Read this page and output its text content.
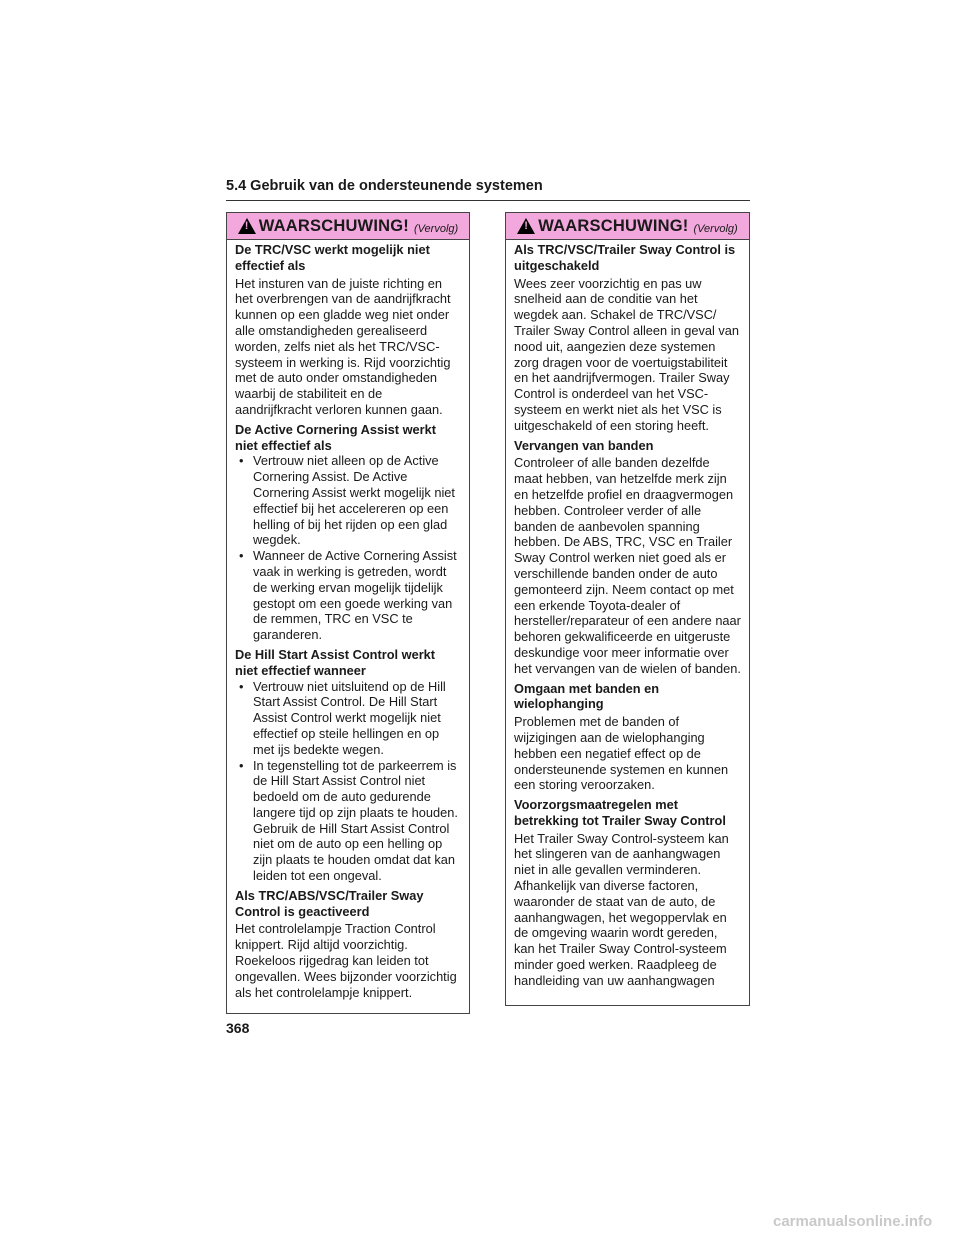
5.4 Gebruik van de ondersteunende systemen
!
WAARSCHUWING! (Vervolg)
De TRC/VSC werkt mogelijk niet effectief als

Het insturen van de juiste richting en het overbrengen van de aandrijfkracht kunnen op een gladde weg niet onder alle omstandigheden gerealiseerd worden, zelfs niet als het TRC/VSC-systeem in werking is. Rijd voorzichtig met de auto onder omstandigheden waarbij de stabiliteit en de aandrijfkracht verloren kunnen gaan.

De Active Cornering Assist werkt niet effectief als
• Vertrouw niet alleen op de Active Cornering Assist. De Active Cornering Assist werkt mogelijk niet effectief bij het accelereren op een helling of bij het rijden op een glad wegdek.
• Wanneer de Active Cornering Assist vaak in werking is getreden, wordt de werking ervan mogelijk tijdelijk gestopt om een goede werking van de remmen, TRC en VSC te garanderen.
De Hill Start Assist Control werkt niet effectief wanneer
• Vertrouw niet uitsluitend op de Hill Start Assist Control. De Hill Start Assist Control werkt mogelijk niet effectief op steile hellingen en op met ijs bedekte wegen.
• In tegenstelling tot de parkeerrem is de Hill Start Assist Control niet bedoeld om de auto gedurende langere tijd op zijn plaats te houden. Gebruik de Hill Start Assist Control niet om de auto op een helling op zijn plaats te houden omdat dat kan leiden tot een ongeval.
Als TRC/ABS/VSC/Trailer Sway Control is geactiveerd

Het controlelampje Traction Control knippert. Rijd altijd voorzichtig. Roekeloos rijgedrag kan leiden tot ongevallen. Wees bijzonder voorzichtig als het controlelampje knippert.

!
WAARSCHUWING! (Vervolg)
Als TRC/VSC/Trailer Sway Control is uitgeschakeld

Wees zeer voorzichtig en pas uw snelheid aan de conditie van het wegdek aan. Schakel de TRC/VSC/ Trailer Sway Control alleen in geval van nood uit, aangezien deze systemen zorg dragen voor de voertuigstabiliteit en het aandrijfvermogen. Trailer Sway Control is onderdeel van het VSC-systeem en werkt niet als het VSC is uitgeschakeld of een storing heeft.

Vervangen van banden

Controleer of alle banden dezelfde maat hebben, van hetzelfde merk zijn en hetzelfde profiel en draagvermogen hebben. Controleer verder of alle banden de aanbevolen spanning hebben. De ABS, TRC, VSC en Trailer Sway Control werken niet goed als er verschillende banden onder de auto gemonteerd zijn. Neem contact op met een erkende Toyota-dealer of hersteller/reparateur of een andere naar behoren gekwalificeerde en uitgeruste deskundige voor meer informatie over het vervangen van de wielen of banden.

Omgaan met banden en wielophanging

Problemen met de banden of wijzigingen aan de wielophanging hebben een negatief effect op de ondersteunende systemen en kunnen een storing veroorzaken.

Voorzorgsmaatregelen met betrekking tot Trailer Sway Control

Het Trailer Sway Control-systeem kan het slingeren van de aanhangwagen niet in alle gevallen verminderen. Afhankelijk van diverse factoren, waaronder de staat van de auto, de aanhangwagen, het wegoppervlak en de omgeving waarin wordt gereden, kan het Trailer Sway Control-systeem minder goed werken. Raadpleeg de handleiding van uw aanhangwagen

368
carmanualsonline.info
